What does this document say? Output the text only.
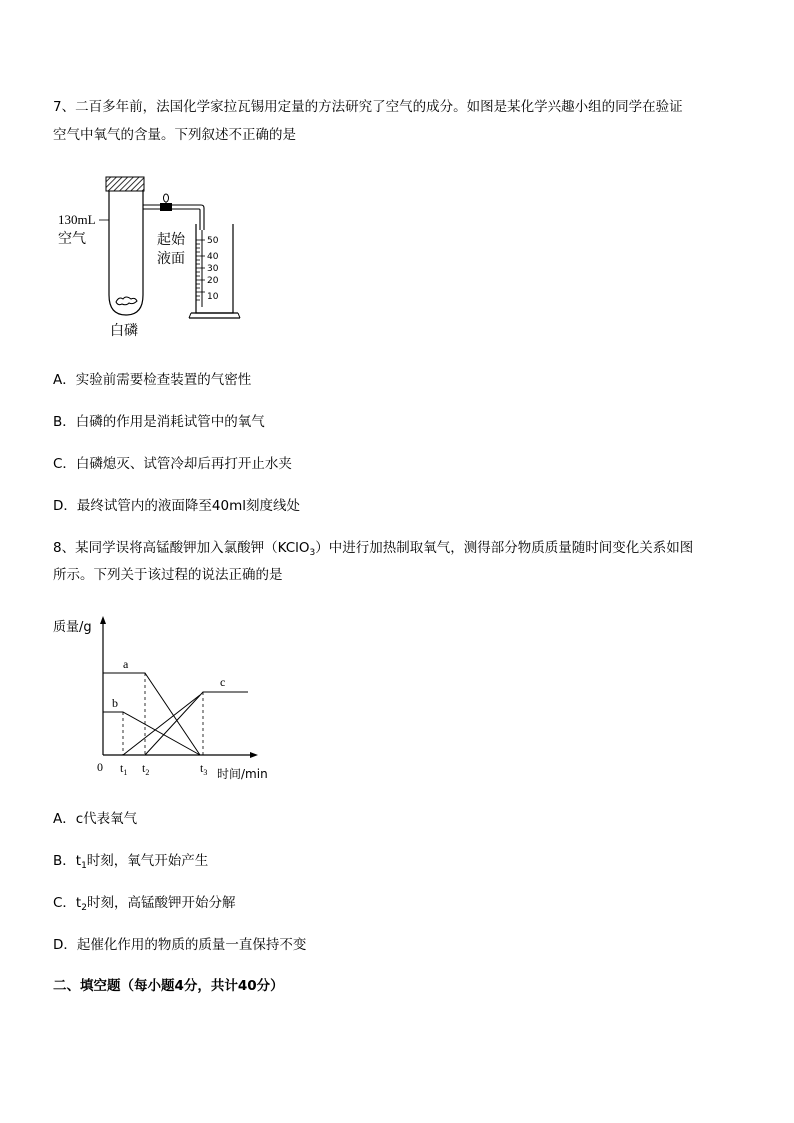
7、二百多年前，法国化学家拉瓦锡用定量的方法研究了空气的成分。如图是某化学兴趣小组的同学在验证
空气中氧气的含量。下列叙述不正确的是
50
40
30
20
10
130mL
空气	起始
液面
白磷
A．实验前需要检查装置的气密性
B．白磷的作用是消耗试管中的氧气
C．白磷熄灭、试管冷却后再打开止水夹
D．最终试管内的液面降至40ml刻度线处
8、某同学误将高锰酸钾加入氯酸钾（KClO$_3$）中进行加热制取氧气，测得部分物质质量随时间变化关系如图
所示。下列关于该过程的说法正确的是
质量/g
a
b
c
0 $t_1$ $t_2$	$t_3$ 时间/min
A．c代表氧气
B．$t_1$时刻，氧气开始产生
C．$t_2$时刻，高锰酸钾开始分解
D．起催化作用的物质的质量一直保持不变
二、填空题（每小题4分，共计40分）
